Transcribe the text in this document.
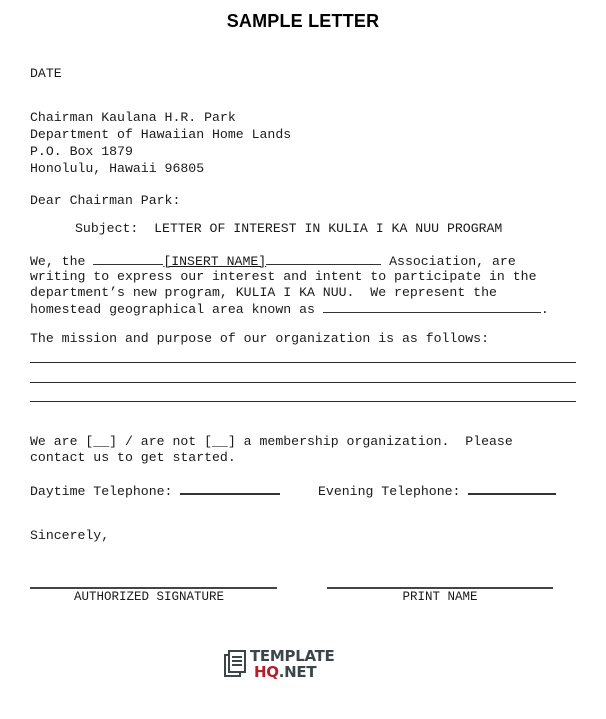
SAMPLE LETTER
DATE
Chairman Kaulana H.R. Park
Department of Hawaiian Home Lands
P.O. Box 1879
Honolulu, Hawaii 96805
Dear Chairman Park:
Subject:  LETTER OF INTEREST IN KULIA I KA NUU PROGRAM
We, the	[INSERT NAME]	Association, are
writing to express our interest and intent to participate in the
department’s new program, KULIA I KA NUU.  We represent the
homestead geographical area known as	.
The mission and purpose of our organization is as follows:
We are [__] / are not [__] a membership organization.  Please
contact us to get started.
Daytime Telephone:	Evening Telephone:
Sincerely,
AUTHORIZED SIGNATURE	PRINT NAME
TEMPLATE
HQ.NET
